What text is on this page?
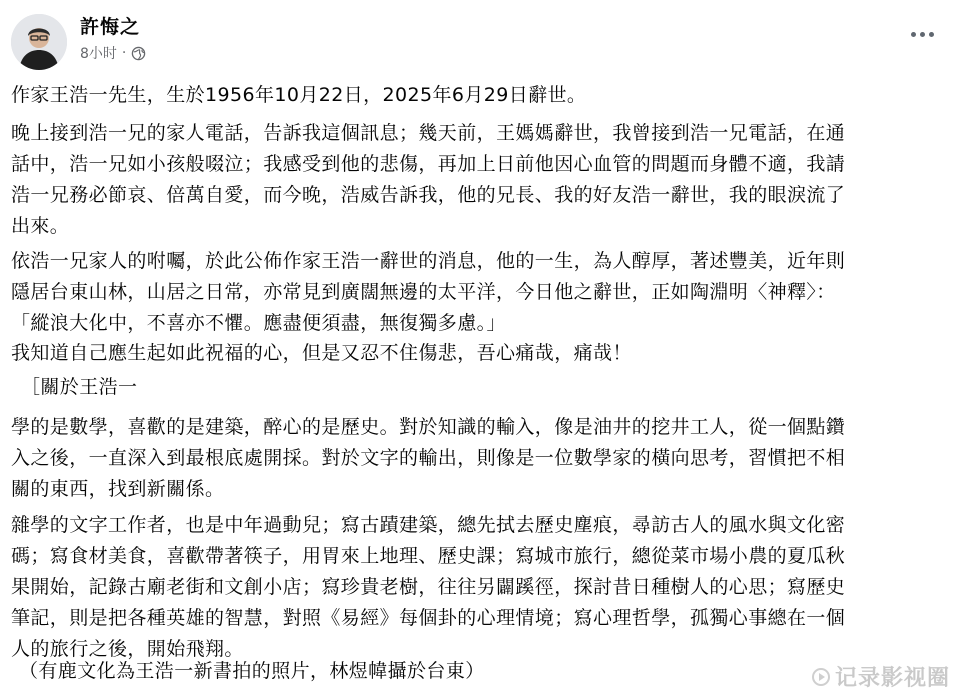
許悔之
8小时 ·
作家王浩一先生，生於1956年10月22日，2025年6月29日辭世。
晚上接到浩一兄的家人電話，告訴我這個訊息；幾天前，王媽媽辭世，我曾接到浩一兄電話，在通
話中，浩一兄如小孩般啜泣；我感受到他的悲傷，再加上日前他因心血管的問題而身體不適，我請
浩一兄務必節哀、倍萬自愛，而今晚，浩威告訴我，他的兄長、我的好友浩一辭世，我的眼淚流了
出來。
依浩一兄家人的咐囑，於此公佈作家王浩一辭世的消息，他的一生，為人醇厚，著述豐美，近年則
隱居台東山林，山居之日常，亦常見到廣闊無邊的太平洋，今日他之辭世，正如陶淵明〈神釋〉：
「縱浪大化中，不喜亦不懼。應盡便須盡，無復獨多慮。」
我知道自己應生起如此祝福的心，但是又忍不住傷悲，吾心痛哉，痛哉！
［關於王浩一
學的是數學，喜歡的是建築，醉心的是歷史。對於知識的輸入，像是油井的挖井工人，從一個點鑽
入之後，一直深入到最根底處開採。對於文字的輸出，則像是一位數學家的橫向思考，習慣把不相
關的東西，找到新關係。
雜學的文字工作者，也是中年過動兒；寫古蹟建築，總先拭去歷史塵痕，尋訪古人的風水與文化密
碼；寫食材美食，喜歡帶著筷子，用胃來上地理、歷史課；寫城市旅行，總從菜市場小農的夏瓜秋
果開始，記錄古廟老街和文創小店；寫珍貴老樹，往往另闢蹊徑，探討昔日種樹人的心思；寫歷史
筆記，則是把各種英雄的智慧，對照《易經》每個卦的心理情境；寫心理哲學，孤獨心事總在一個
人的旅行之後，開始飛翔。
（有鹿文化為王浩一新書拍的照片，林煜幃攝於台東）	记录影视圈
